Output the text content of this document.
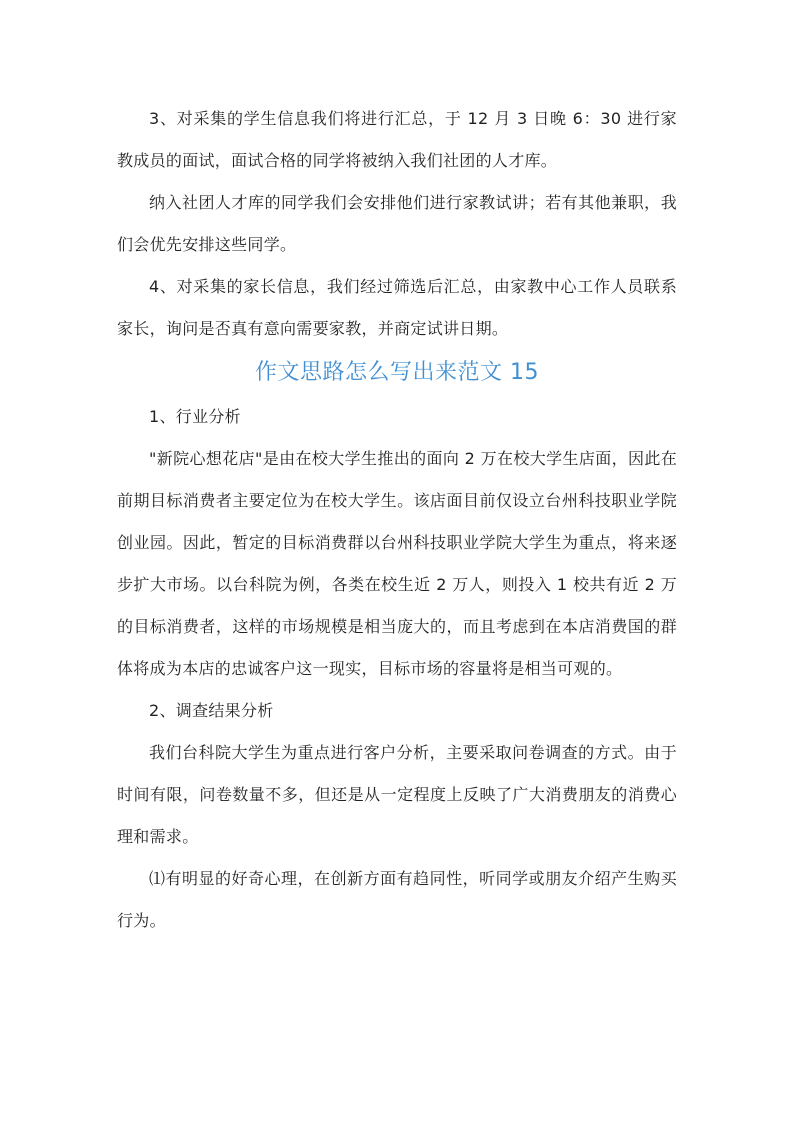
3、对采集的学生信息我们将进行汇总，于 12 月 3 日晚 6：30 进行家教成员的面试，面试合格的同学将被纳入我们社团的人才库。

纳入社团人才库的同学我们会安排他们进行家教试讲；若有其他兼职，我们会优先安排这些同学。

4、对采集的家长信息，我们经过筛选后汇总，由家教中心工作人员联系家长，询问是否真有意向需要家教，并商定试讲日期。

作文思路怎么写出来范文 15

1、行业分析

"新院心想花店"是由在校大学生推出的面向 2 万在校大学生店面，因此在前期目标消费者主要定位为在校大学生。该店面目前仅设立台州科技职业学院创业园。因此，暂定的目标消费群以台州科技职业学院大学生为重点，将来逐步扩大市场。以台科院为例，各类在校生近 2 万人，则投入 1 校共有近 2 万的目标消费者，这样的市场规模是相当庞大的，而且考虑到在本店消费国的群体将成为本店的忠诚客户这一现实，目标市场的容量将是相当可观的。

2、调查结果分析

我们台科院大学生为重点进行客户分析，主要采取问卷调查的方式。由于时间有限，问卷数量不多，但还是从一定程度上反映了广大消费朋友的消费心理和需求。

⑴有明显的好奇心理，在创新方面有趋同性，听同学或朋友介绍产生购买行为。
